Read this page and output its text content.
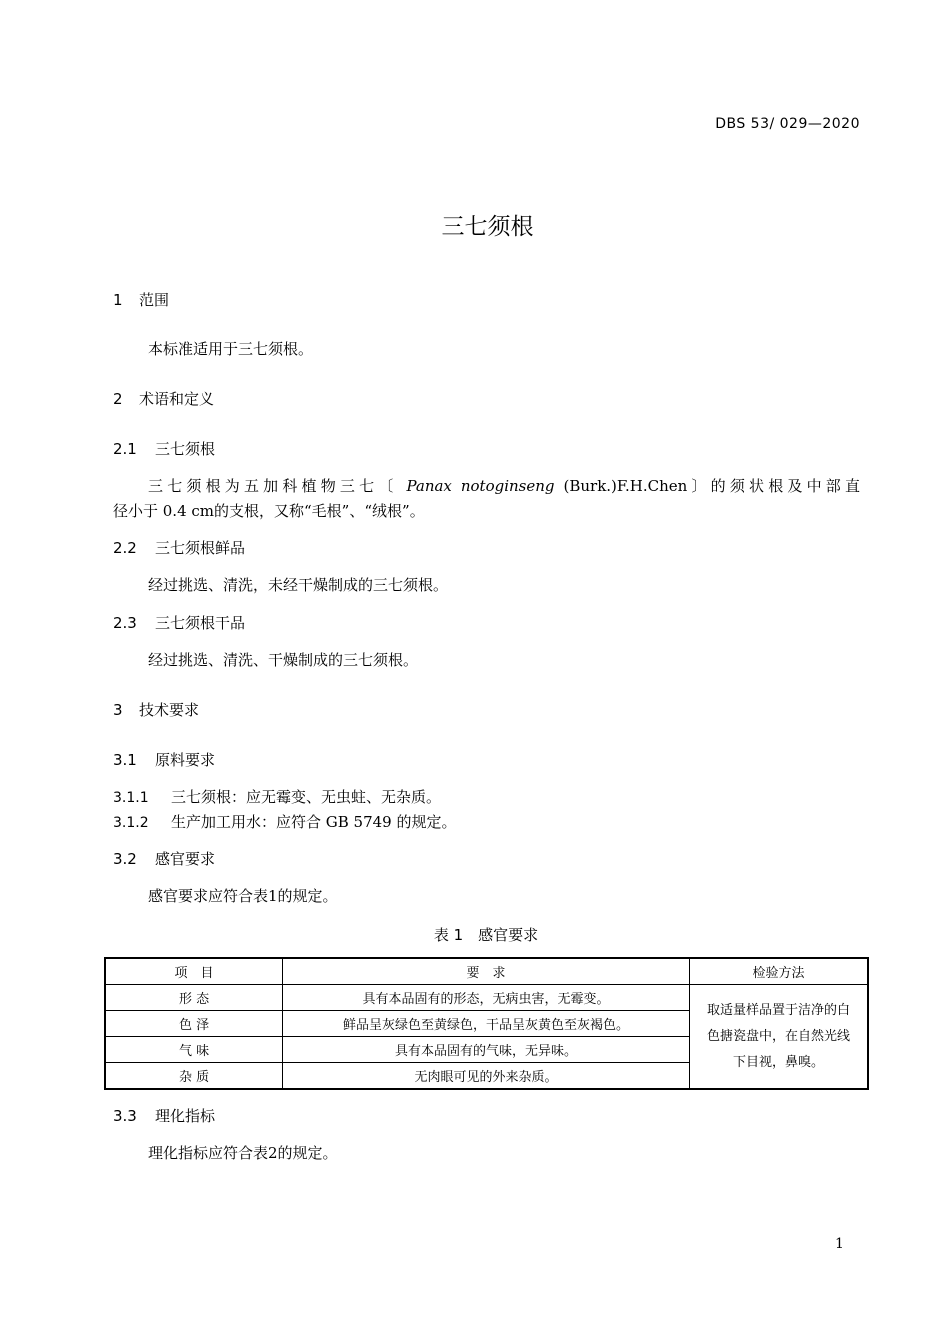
DBS 53/ 029—2020
三七须根
1 范围
本标准适用于三七须根。
2 术语和定义
2.1 三七须根
三七须根为五加科植物三七〔 Panax notoginseng (Burk.)F.H.Chen〕的须状根及中部直
径小于 0.4 cm的支根，又称“毛根”、“绒根”。
2.2 三七须根鲜品
经过挑选、清洗，未经干燥制成的三七须根。
2.3 三七须根干品
经过挑选、清洗、干燥制成的三七须根。
3 技术要求
3.1 原料要求
3.1.1 三七须根：应无霉变、无虫蛀、无杂质。
3.1.2 生产加工用水：应符合 GB 5749 的规定。
3.2 感官要求
感官要求应符合表1的规定。
表 1　感官要求
项　目	要　求	检验方法
形 态	具有本品固有的形态，无病虫害，无霉变。	取适量样品置于洁净的白
色搪瓷盘中，在自然光线
下目视，鼻嗅。

色 泽	鲜品呈灰绿色至黄绿色，干品呈灰黄色至灰褐色。	
气 味	具有本品固有的气味，无异味。	
杂 质	无肉眼可见的外来杂质。	
3.3 理化指标
理化指标应符合表2的规定。
1
